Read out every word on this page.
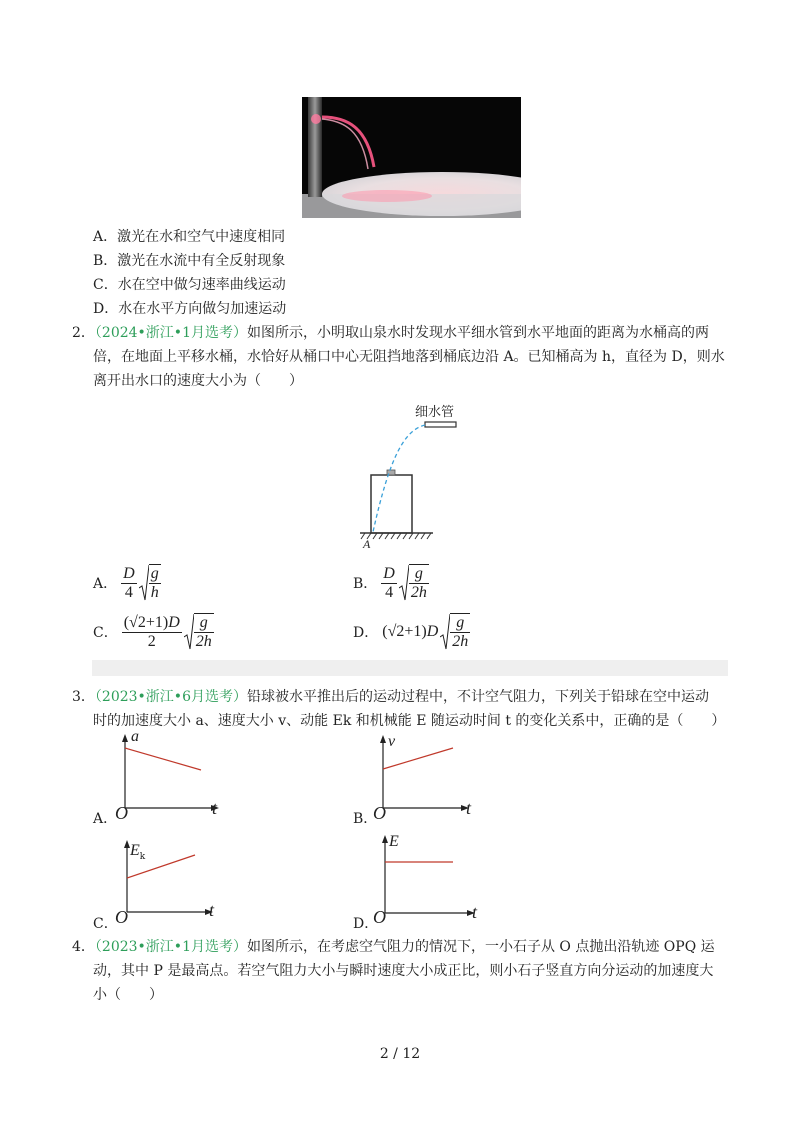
A．激光在水和空气中速度相同
B．激光在水流中有全反射现象
C．水在空中做匀速率曲线运动
D．水在水平方向做匀加速运动
2．（2024•浙江•1月选考）如图所示，小明取山泉水时发现水平细水管到水平地面的距离为水桶高的两
倍，在地面上平移水桶，水恰好从桶口中心无阻挡地落到桶底边沿 A。已知桶高为 h，直径为 D，则水
离开出水口的速度大小为（　　）
细水管
A
A． $\frac{D}{4} \frac{g}{h}$	B． $\frac{D}{4} \frac{g}{2h}$
C． $\frac{(√2+1)D}{2} \frac{g}{2h}$	D． (√2+1) D $\frac{g}{2h}$
3．（2023•浙江•6月选考）铅球被水平推出后的运动过程中，不计空气阻力，下列关于铅球在空中运动
时的加速度大小 a、速度大小 v、动能 Ek 和机械能 E 随运动时间 t 的变化关系中，正确的是（　　）
A．
O
a
t
B．
O
v
t
C．
O
$E_k$
t
D．
O
E
t
4．（2023•浙江•1月选考）如图所示，在考虑空气阻力的情况下，一小石子从 O 点抛出沿轨迹 OPQ 运
动，其中 P 是最高点。若空气阻力大小与瞬时速度大小成正比，则小石子竖直方向分运动的加速度大
小（　　）
2 / 12
